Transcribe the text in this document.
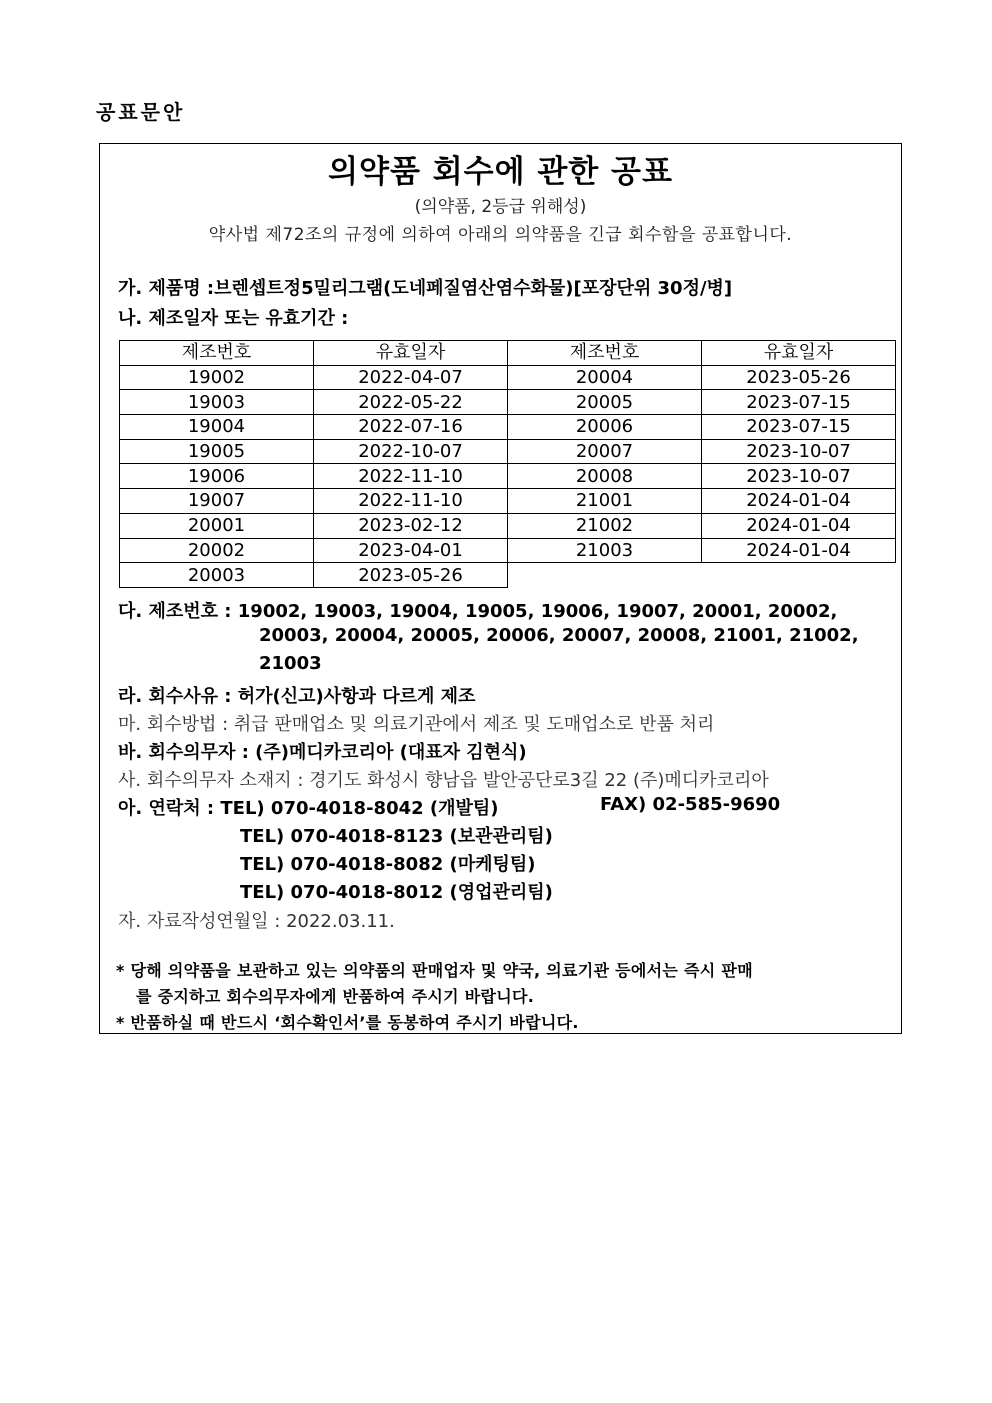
공표문안
의약품 회수에 관한 공표
(의약품, 2등급 위해성)
약사법 제72조의 규정에 의하여 아래의 의약품을 긴급 회수함을 공표합니다.
가. 제품명 :브렌셉트정5밀리그램(도네페질염산염수화물)[포장단위 30정/병]
나. 제조일자 또는 유효기간 :
제조번호	유효일자	제조번호	유효일자
19002	2022-04-07	20004	2023-05-26
19003	2022-05-22	20005	2023-07-15
19004	2022-07-16	20006	2023-07-15
19005	2022-10-07	20007	2023-10-07
19006	2022-11-10	20008	2023-10-07
19007	2022-11-10	21001	2024-01-04
20001	2023-02-12	21002	2024-01-04
20002	2023-04-01	21003	2024-01-04
20003	2023-05-26		
다. 제조번호 : 19002, 19003, 19004, 19005, 19006, 19007, 20001, 20002,
20003, 20004, 20005, 20006, 20007, 20008, 21001, 21002,
21003
라. 회수사유 : 허가(신고)사항과 다르게 제조
마. 회수방법 : 취급 판매업소 및 의료기관에서 제조 및 도매업소로 반품 처리
바. 회수의무자 : (주)메디카코리아 (대표자 김현식)
사. 회수의무자 소재지 : 경기도 화성시 향남읍 발안공단로3길 22 (주)메디카코리아
아. 연락처 : TEL) 070-4018-8042 (개발팀)	FAX) 02-585-9690
TEL) 070-4018-8123 (보관관리팀)
TEL) 070-4018-8082 (마케팅팀)
TEL) 070-4018-8012 (영업관리팀)
자. 자료작성연월일 : 2022.03.11.
* 당해 의약품을 보관하고 있는 의약품의 판매업자 및 약국, 의료기관 등에서는 즉시 판매
를 중지하고 회수의무자에게 반품하여 주시기 바랍니다.
* 반품하실 때 반드시 ‘회수확인서’를 동봉하여 주시기 바랍니다.
